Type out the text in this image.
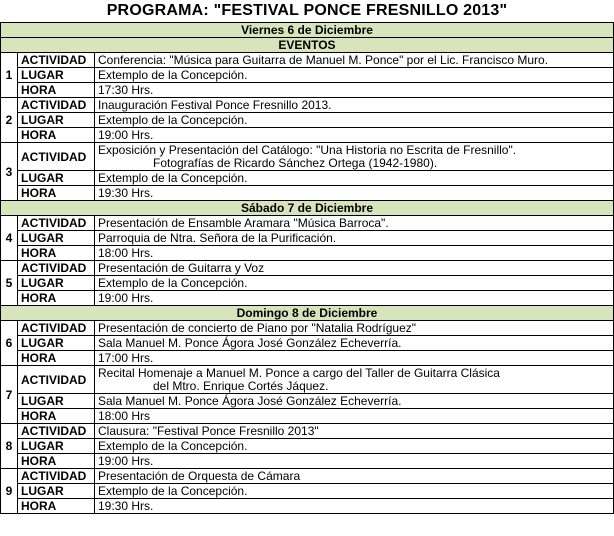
PROGRAMA: "FESTIVAL PONCE FRESNILLO 2013"
Viernes 6 de Diciembre		
EVENTOS		
1	ACTIVIDAD	Conferencia: "Música para Guitarra de Manuel M. Ponce" por el Lic. Francisco Muro.

	LUGAR	Extemplo de la Concepción.
	HORA	17:30 Hrs.
2	ACTIVIDAD	Inauguración Festival Ponce Fresnillo 2013.

	LUGAR	Extemplo de la Concepción.
	HORA	19:00 Hrs.
3	ACTIVIDAD	Exposición y Presentación del Catálogo: "Una Historia no Escrita de Fresnillo".
Fotografías de Ricardo Sánchez Ortega (1942-1980).

	LUGAR	Extemplo de la Concepción.
	HORA	19:30 Hrs.
Sábado 7 de Diciembre		
4	ACTIVIDAD	Presentación de Ensamble Aramara "Música Barroca".

	LUGAR	Parroquia de Ntra. Señora de la Purificación.
	HORA	18:00 Hrs.
5	ACTIVIDAD	Presentación de Guitarra y Voz

	LUGAR	Extemplo de la Concepción.
	HORA	19:00 Hrs.
Domingo 8 de Diciembre		
6	ACTIVIDAD	Presentación de concierto de Piano por "Natalia Rodríguez"

	LUGAR	Sala Manuel M. Ponce Ágora José González Echeverría.
	HORA	17:00 Hrs.
7	ACTIVIDAD	Recital Homenaje a Manuel M. Ponce a cargo del Taller de Guitarra Clásica
del Mtro. Enrique Cortés Jáquez.

	LUGAR	Sala Manuel M. Ponce Ágora José González Echeverría.
	HORA	18:00 Hrs
8	ACTIVIDAD	Clausura: "Festival Ponce Fresnillo 2013"

	LUGAR	Extemplo de la Concepción.
	HORA	19:00 Hrs.
9	ACTIVIDAD	Presentación de Orquesta de Cámara

	LUGAR	Extemplo de la Concepción.
	HORA	19:30 Hrs.
